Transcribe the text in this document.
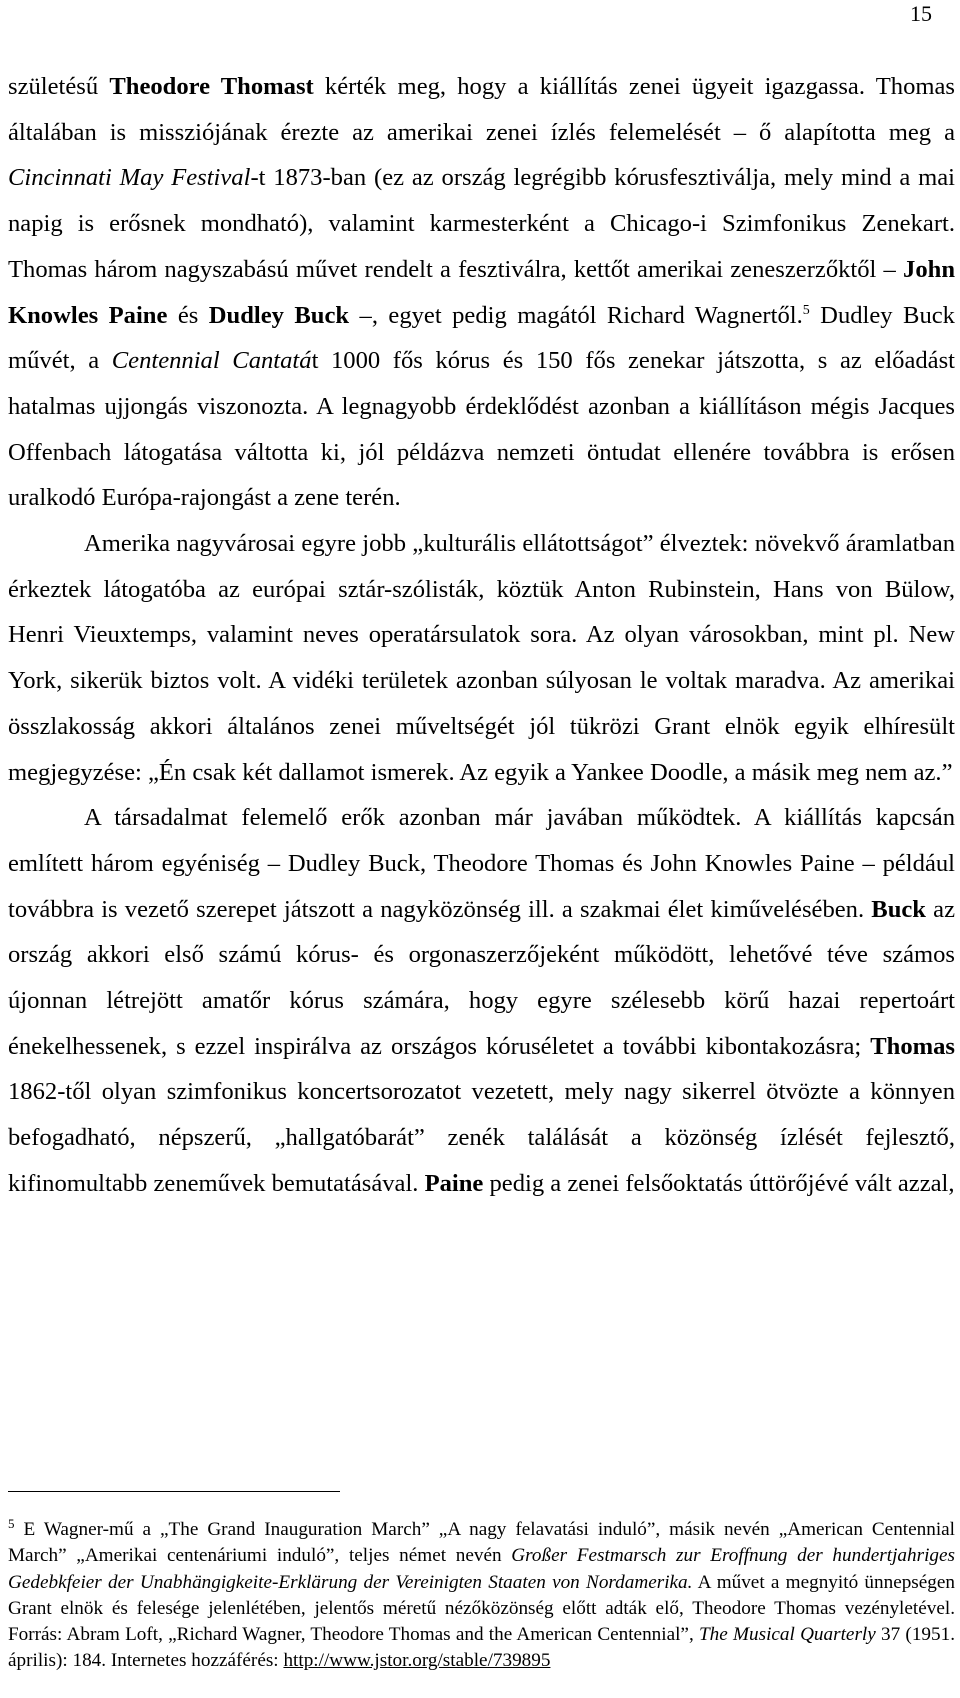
15

születésű Theodore Thomast kérték meg, hogy a kiállítás zenei ügyeit igazgassa. Thomas általában is missziójának érezte az amerikai zenei ízlés felemelését – ő alapította meg a Cincinnati May Festival-t 1873-ban (ez az ország legrégibb kórusfesztiválja, mely mind a mai napig is erősnek mondható), valamint karmesterként a Chicago-i Szimfonikus Zenekart. Thomas három nagyszabású művet rendelt a fesztiválra, kettőt amerikai zeneszerzőktől – John Knowles Paine és Dudley Buck –, egyet pedig magától Richard Wagnertől.$^5$ Dudley Buck művét, a Centennial Cantatát 1000 fős kórus és 150 fős zenekar játszotta, s az előadást hatalmas ujjongás viszonozta. A legnagyobb érdeklődést azonban a kiállításon mégis Jacques Offenbach látogatása váltotta ki, jól példázva nemzeti öntudat ellenére továbbra is erősen uralkodó Európa-rajongást a zene terén.

Amerika nagyvárosai egyre jobb „kulturális ellátottságot” élveztek: növekvő áramlatban érkeztek látogatóba az európai sztár-szólisták, köztük Anton Rubinstein, Hans von Bülow, Henri Vieuxtemps, valamint neves operatársulatok sora. Az olyan városokban, mint pl. New York, sikerük biztos volt. A vidéki területek azonban súlyosan le voltak maradva. Az amerikai összlakosság akkori általános zenei műveltségét jól tükrözi Grant elnök egyik elhíresült megjegyzése: „Én csak két dallamot ismerek. Az egyik a Yankee Doodle, a másik meg nem az.”

A társadalmat felemelő erők azonban már javában működtek. A kiállítás kapcsán említett három egyéniség – Dudley Buck, Theodore Thomas és John Knowles Paine – például továbbra is vezető szerepet játszott a nagyközönség ill. a szakmai élet kiművelésében. Buck az ország akkori első számú kórus- és orgonaszerzőjeként működött, lehetővé téve számos újonnan létrejött amatőr kórus számára, hogy egyre szélesebb körű hazai repertoárt énekelhessenek, s ezzel inspirálva az országos kóruséletet a további kibontakozásra; Thomas 1862-től olyan szimfonikus koncertsorozatot vezetett, mely nagy sikerrel ötvözte a könnyen befogadható, népszerű, „hallgatóbarát” zenék találását a közönség ízlését fejlesztő, kifinomultabb zeneművek bemutatásával. Paine pedig a zenei felsőoktatás úttörőjévé vált azzal,

$^5$ E Wagner-mű a „The Grand Inauguration March” „A nagy felavatási induló”, másik nevén „American Centennial March” „Amerikai centenáriumi induló”, teljes német nevén Großer Festmarsch zur Eroffnung der hundertjahriges Gedebkfeier der Unabhängigkeite-Erklärung der Vereinigten Staaten von Nordamerika. A művet a megnyitó ünnepségen Grant elnök és felesége jelenlétében, jelentős méretű nézőközönség előtt adták elő, Theodore Thomas vezényletével. Forrás: Abram Loft, „Richard Wagner, Theodore Thomas and the American Centennial”, The Musical Quarterly 37 (1951. április): 184. Internetes hozzáférés: http://www.jstor.org/stable/739895
